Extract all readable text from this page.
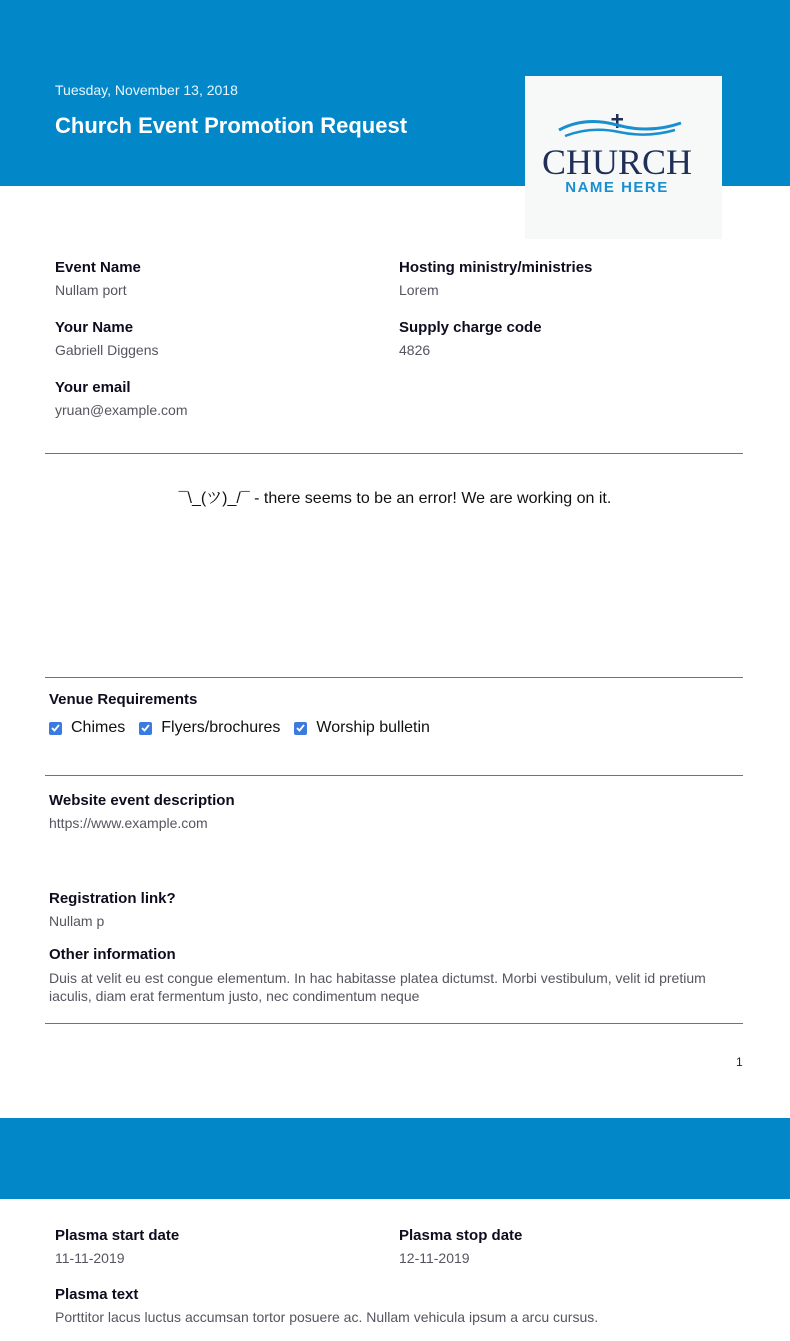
Tuesday, November 13, 2018
Church Event Promotion Request
CHURCH
NAME HERE
Event Name
Nullam port
Hosting ministry/ministries
Lorem
Your Name
Gabriell Diggens
Supply charge code
4826
Your email
yruan@example.com
¯\_(ツ)_/¯ - there seems to be an error! We are working on it.
Venue Requirements
Chimes Flyers/brochures Worship bulletin
Website event description
https://www.example.com
Registration link?
Nullam p
Other information
Duis at velit eu est congue elementum. In hac habitasse platea dictumst. Morbi vestibulum, velit id pretium iaculis, diam erat fermentum justo, nec condimentum neque
1
Plasma start date
11-11-2019
Plasma stop date
12-11-2019
Plasma text
Porttitor lacus luctus accumsan tortor posuere ac. Nullam vehicula ipsum a arcu cursus.
